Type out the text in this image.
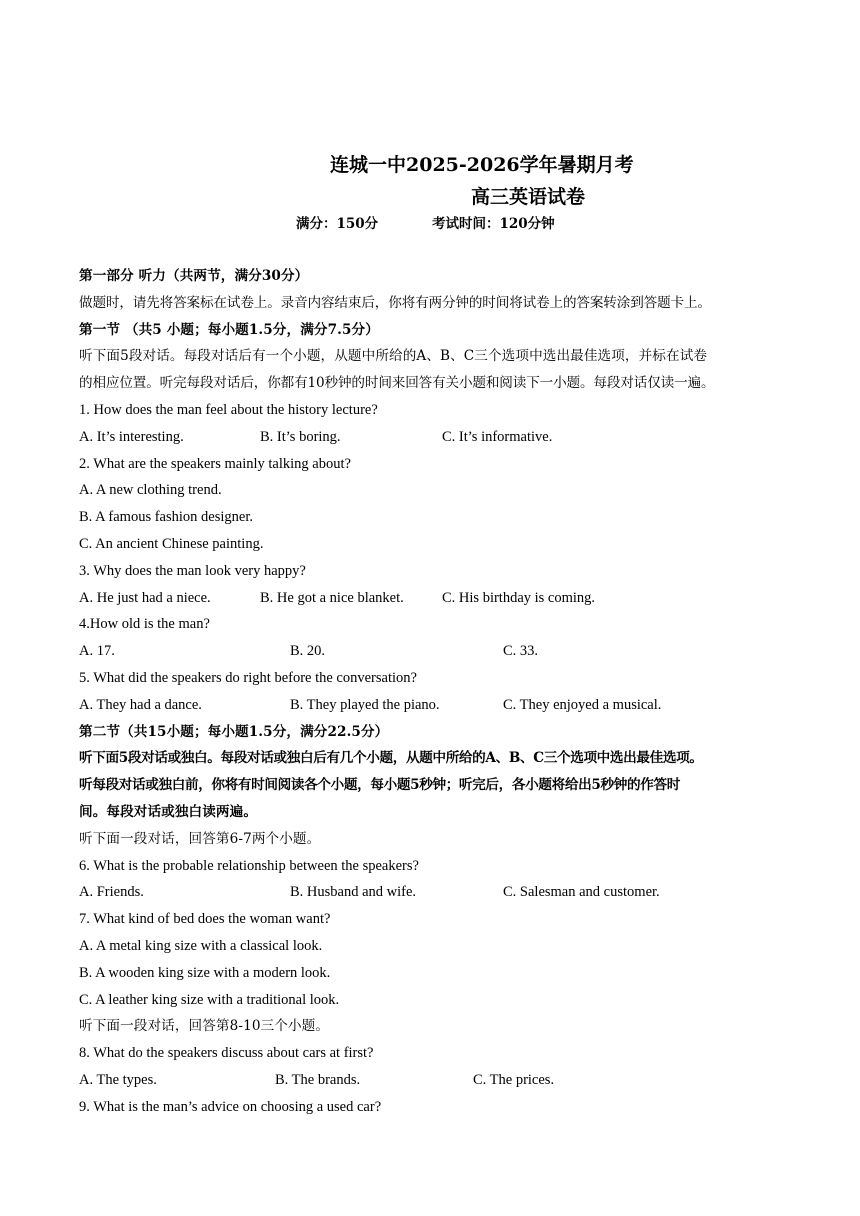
连城一中2025-2026学年暑期月考
高三英语试卷
满分：150分	考试时间：120分钟
第一部分 听力（共两节，满分30分）
做题时，请先将答案标在试卷上。录音内容结束后，你将有两分钟的时间将试卷上的答案转涂到答题卡上。
第一节 （共5 小题；每小题1.5分，满分7.5分）
听下面5段对话。每段对话后有一个小题，从题中所给的A、B、C三个选项中选出最佳选项，并标在试卷
的相应位置。听完每段对话后，你都有10秒钟的时间来回答有关小题和阅读下一小题。每段对话仅读一遍。
1. How does the man feel about the history lecture?
A. It’s interesting.	B. It’s boring.	C. It’s informative.
2. What are the speakers mainly talking about?
A. A new clothing trend.
B. A famous fashion designer.
C. An ancient Chinese painting.
3. Why does the man look very happy?
A. He just had a niece.	B. He got a nice blanket.	C. His birthday is coming.
4.How old is the man?
A. 17.	B. 20.	C. 33.
5. What did the speakers do right before the conversation?
A. They had a dance.	B. They played the piano.	C. They enjoyed a musical.
第二节（共15小题；每小题1.5分，满分22.5分）
听下面5段对话或独白。每段对话或独白后有几个小题，从题中所给的A、B、C三个选项中选出最佳选项。
听每段对话或独白前，你将有时间阅读各个小题，每小题5秒钟；听完后，各小题将给出5秒钟的作答时
间。每段对话或独白读两遍。
听下面一段对话，回答第6-7两个小题。
6. What is the probable relationship between the speakers?
A. Friends.	B. Husband and wife.	C. Salesman and customer.
7. What kind of bed does the woman want?
A. A metal king size with a classical look.
B. A wooden king size with a modern look.
C. A leather king size with a traditional look.
听下面一段对话，回答第8-10三个小题。
8. What do the speakers discuss about cars at first?
A. The types.	B. The brands.	C. The prices.
9. What is the man’s advice on choosing a used car?
